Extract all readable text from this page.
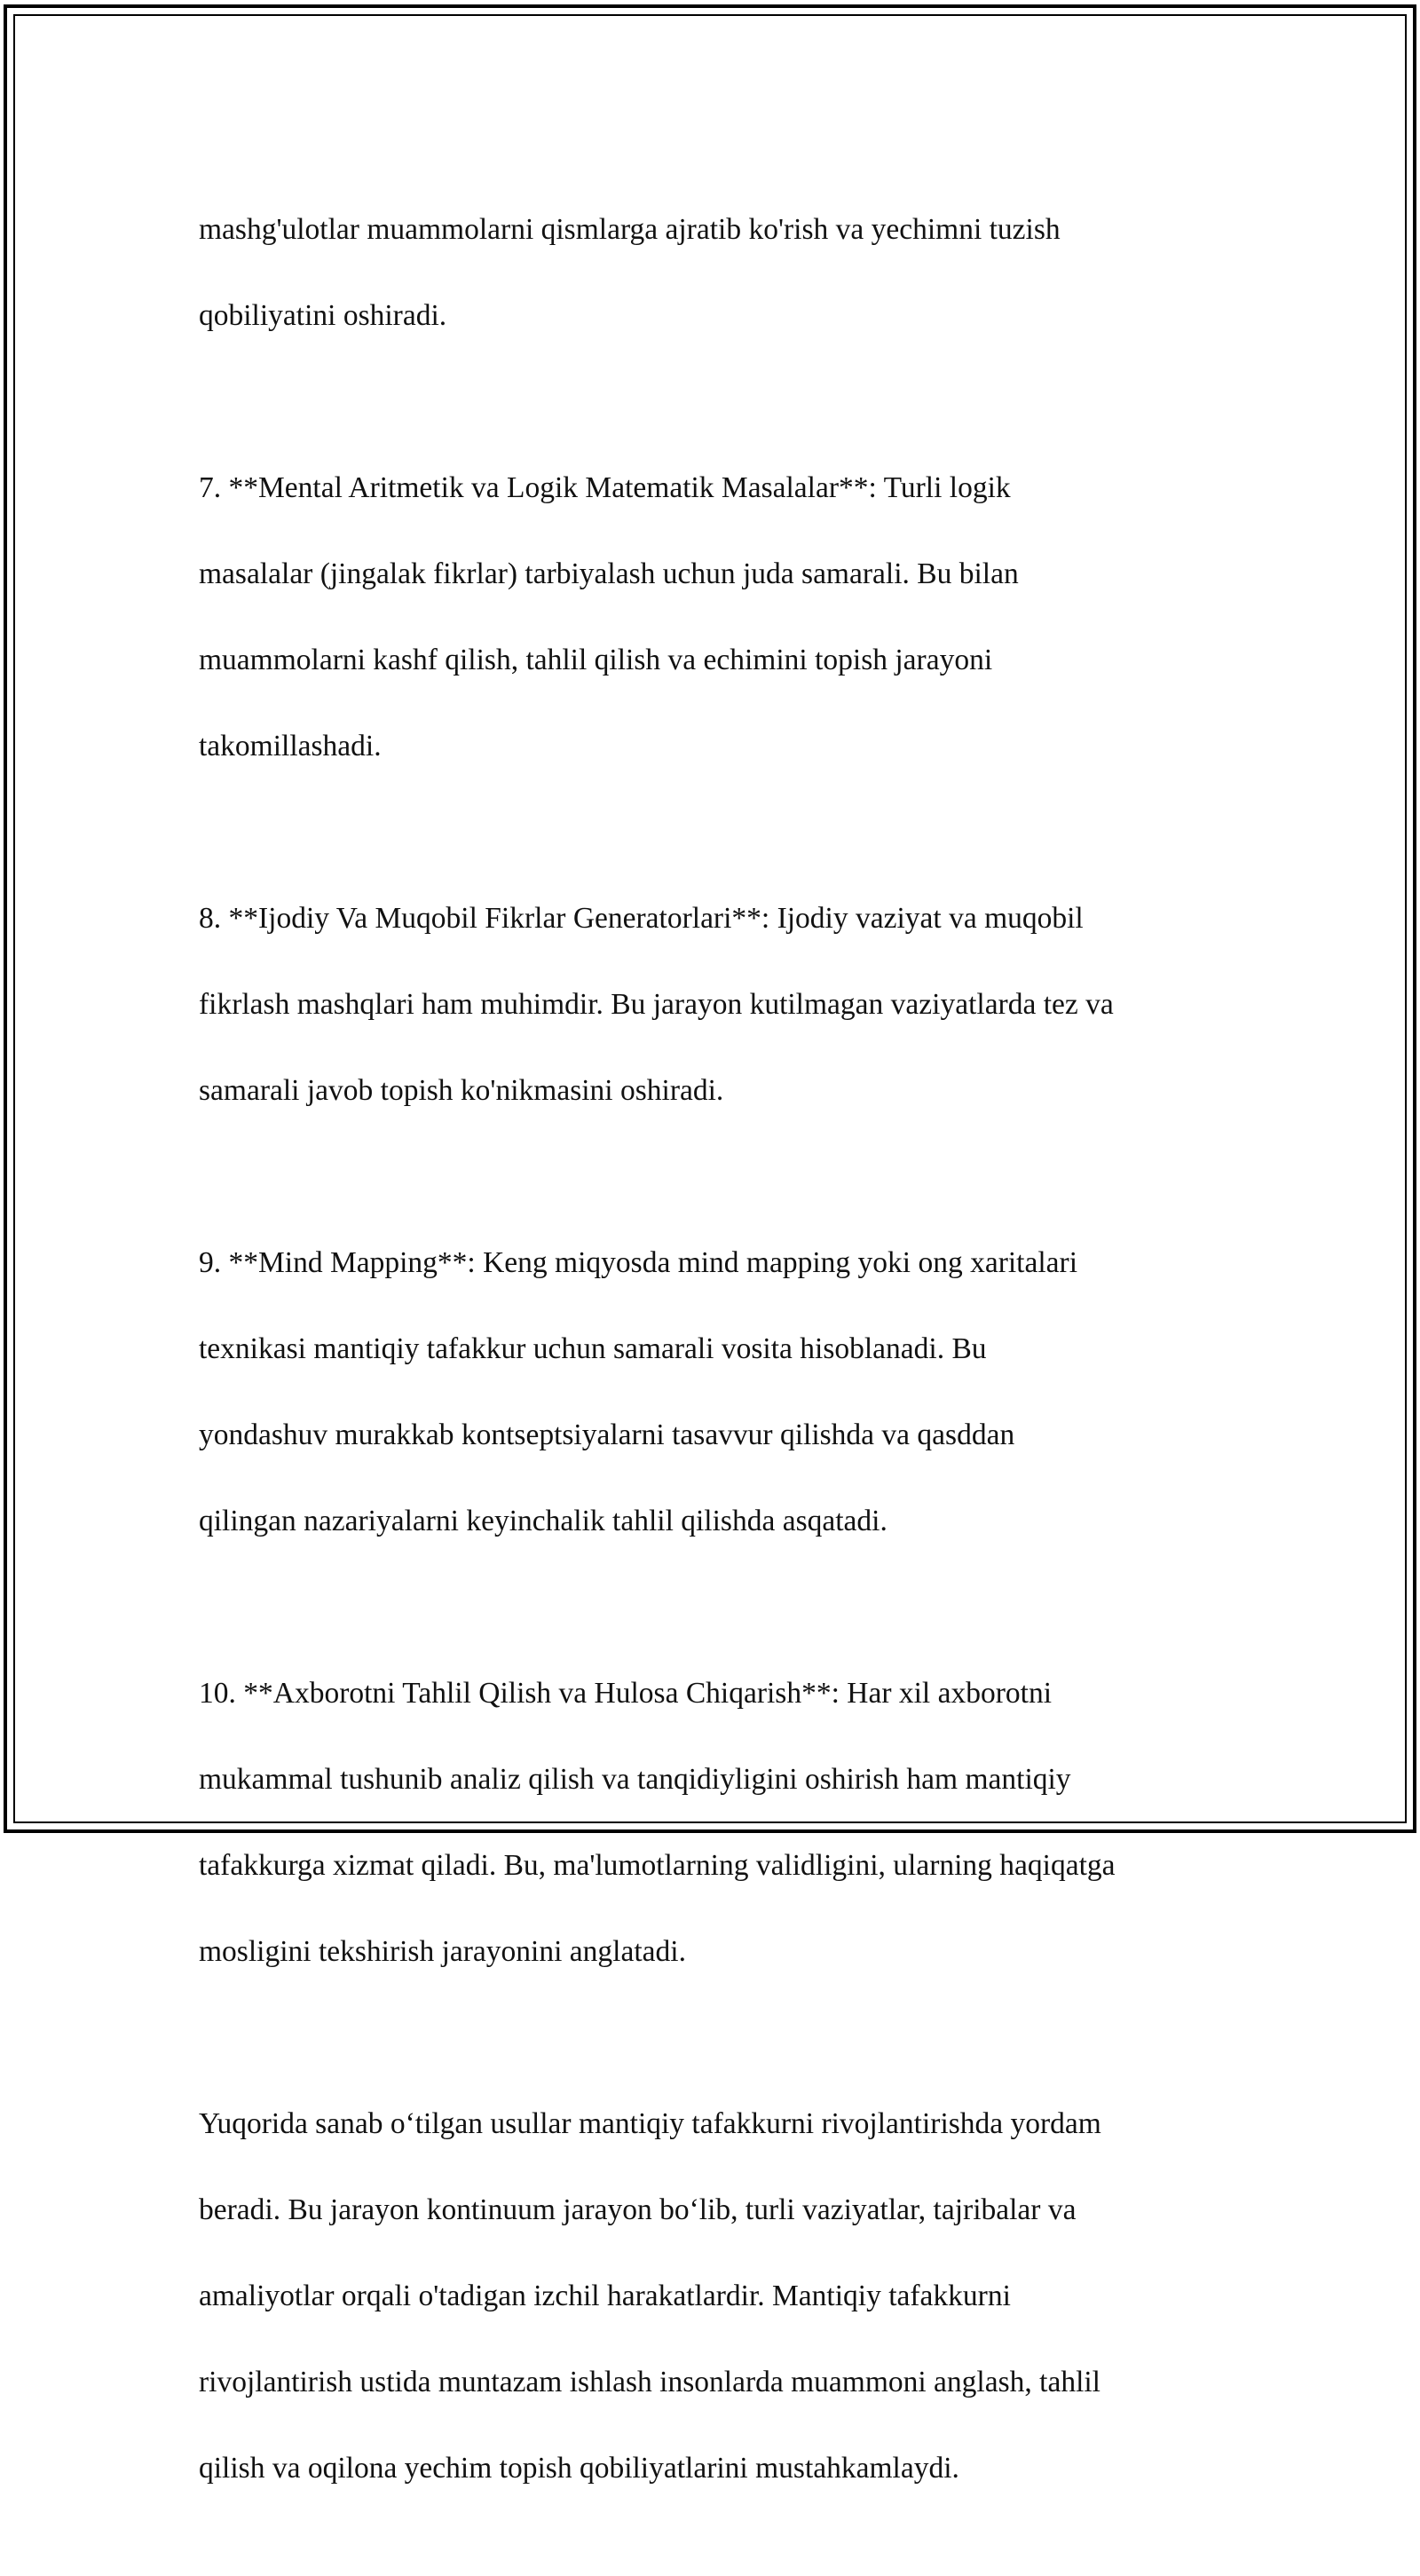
mashg'ulotlar muammolarni qismlarga ajratib ko'rish va yechimni tuzish

qobiliyatini oshiradi.

7. **Mental Aritmetik va Logik Matematik Masalalar**: Turli logik

masalalar (jingalak fikrlar) tarbiyalash uchun juda samarali. Bu bilan

muammolarni kashf qilish, tahlil qilish va echimini topish jarayoni

takomillashadi.

8. **Ijodiy Va Muqobil Fikrlar Generatorlari**: Ijodiy vaziyat va muqobil

fikrlash mashqlari ham muhimdir. Bu jarayon kutilmagan vaziyatlarda tez va

samarali javob topish ko'nikmasini oshiradi.

9. **Mind Mapping**: Keng miqyosda mind mapping yoki ong xaritalari

texnikasi mantiqiy tafakkur uchun samarali vosita hisoblanadi. Bu

yondashuv murakkab kontseptsiyalarni tasavvur qilishda va qasddan

qilingan nazariyalarni keyinchalik tahlil qilishda asqatadi.

10. **Axborotni Tahlil Qilish va Hulosa Chiqarish**: Har xil axborotni

mukammal tushunib analiz qilish va tanqidiyligini oshirish ham mantiqiy

tafakkurga xizmat qiladi. Bu, ma'lumotlarning validligini, ularning haqiqatga

mosligini tekshirish jarayonini anglatadi.

Yuqorida sanab o‘tilgan usullar mantiqiy tafakkurni rivojlantirishda yordam

beradi. Bu jarayon kontinuum jarayon bo‘lib, turli vaziyatlar, tajribalar va

amaliyotlar orqali o'tadigan izchil harakatlardir. Mantiqiy tafakkurni

rivojlantirish ustida muntazam ishlash insonlarda muammoni anglash, tahlil

qilish va oqilona yechim topish qobiliyatlarini mustahkamlaydi.
